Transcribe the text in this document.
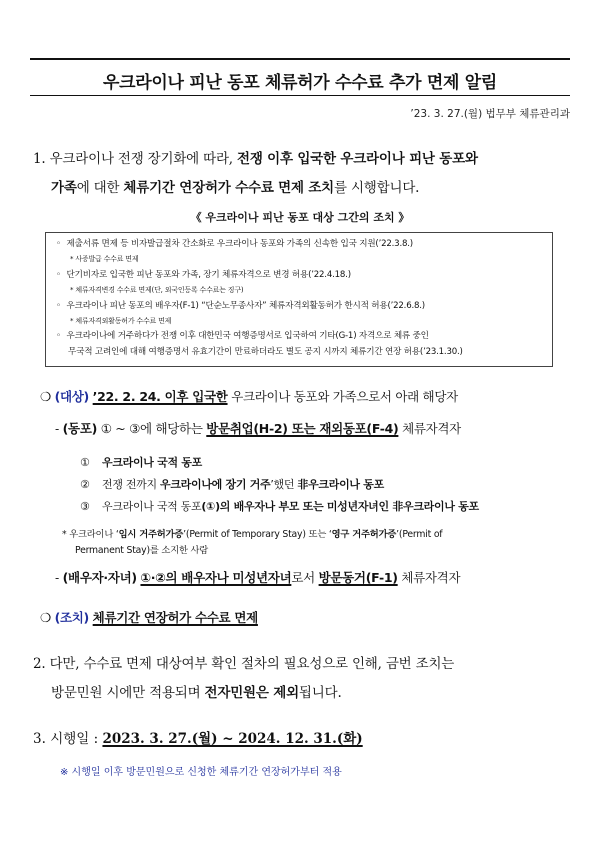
우크라이나 피난 동포 체류허가 수수료 추가 면제 알림
’23. 3. 27.(월) 법무부 체류관리과
1. 우크라이나 전쟁 장기화에 따라, 전쟁 이후 입국한 우크라이나 피난 동포와
가족에 대한 체류기간 연장허가 수수료 면제 조치를 시행합니다.
《 우크라이나 피난 동포 대상 그간의 조치 》
◦ 제출서류 면제 등 비자발급절차 간소화로 우크라이나 동포와 가족의 신속한 입국 지원(’22.3.8.)
* 사증발급 수수료 면제
◦ 단기비자로 입국한 피난 동포와 가족, 장기 체류자격으로 변경 허용(’22.4.18.)
* 체류자격변경 수수료 면제(단, 외국인등록 수수료는 징구)
◦ 우크라이나 피난 동포의 배우자(F-1) “단순노무종사자” 체류자격외활동허가 한시적 허용(’22.6.8.)
* 체류자격외활동허가 수수료 면제
◦ 우크라이나에 거주하다가 전쟁 이후 대한민국 여행증명서로 입국하여 기타(G-1) 자격으로 체류 중인
무국적 고려인에 대해 여행증명서 유효기간이 만료하더라도 별도 공지 시까지 체류기간 연장 허용(’23.1.30.)
❍ (대상) ’22. 2. 24. 이후 입국한 우크라이나 동포와 가족으로서 아래 해당자
- (동포) ① ~ ③에 해당하는 방문취업(H-2) 또는 재외동포(F-4) 체류자격자
① 우크라이나 국적 동포
② 전쟁 전까지 우크라이나에 장기 거주’했던 非우크라이나 동포
③ 우크라이나 국적 동포(①)의 배우자나 부모 또는 미성년자녀인 非우크라이나 동포
* 우크라이나 ‘임시 거주허가증’(Permit of Temporary Stay) 또는 ‘영구 거주허가증’(Permit of
Permanent Stay)를 소지한 사람
- (배우자·자녀) ①·②의 배우자나 미성년자녀로서 방문동거(F-1) 체류자격자
❍ (조치) 체류기간 연장허가 수수료 면제
2. 다만, 수수료 면제 대상여부 확인 절차의 필요성으로 인해, 금번 조치는
방문민원 시에만 적용되며 전자민원은 제외됩니다.
3. 시행일 : 2023. 3. 27.(월) ~ 2024. 12. 31.(화)
※ 시행일 이후 방문민원으로 신청한 체류기간 연장허가부터 적용
